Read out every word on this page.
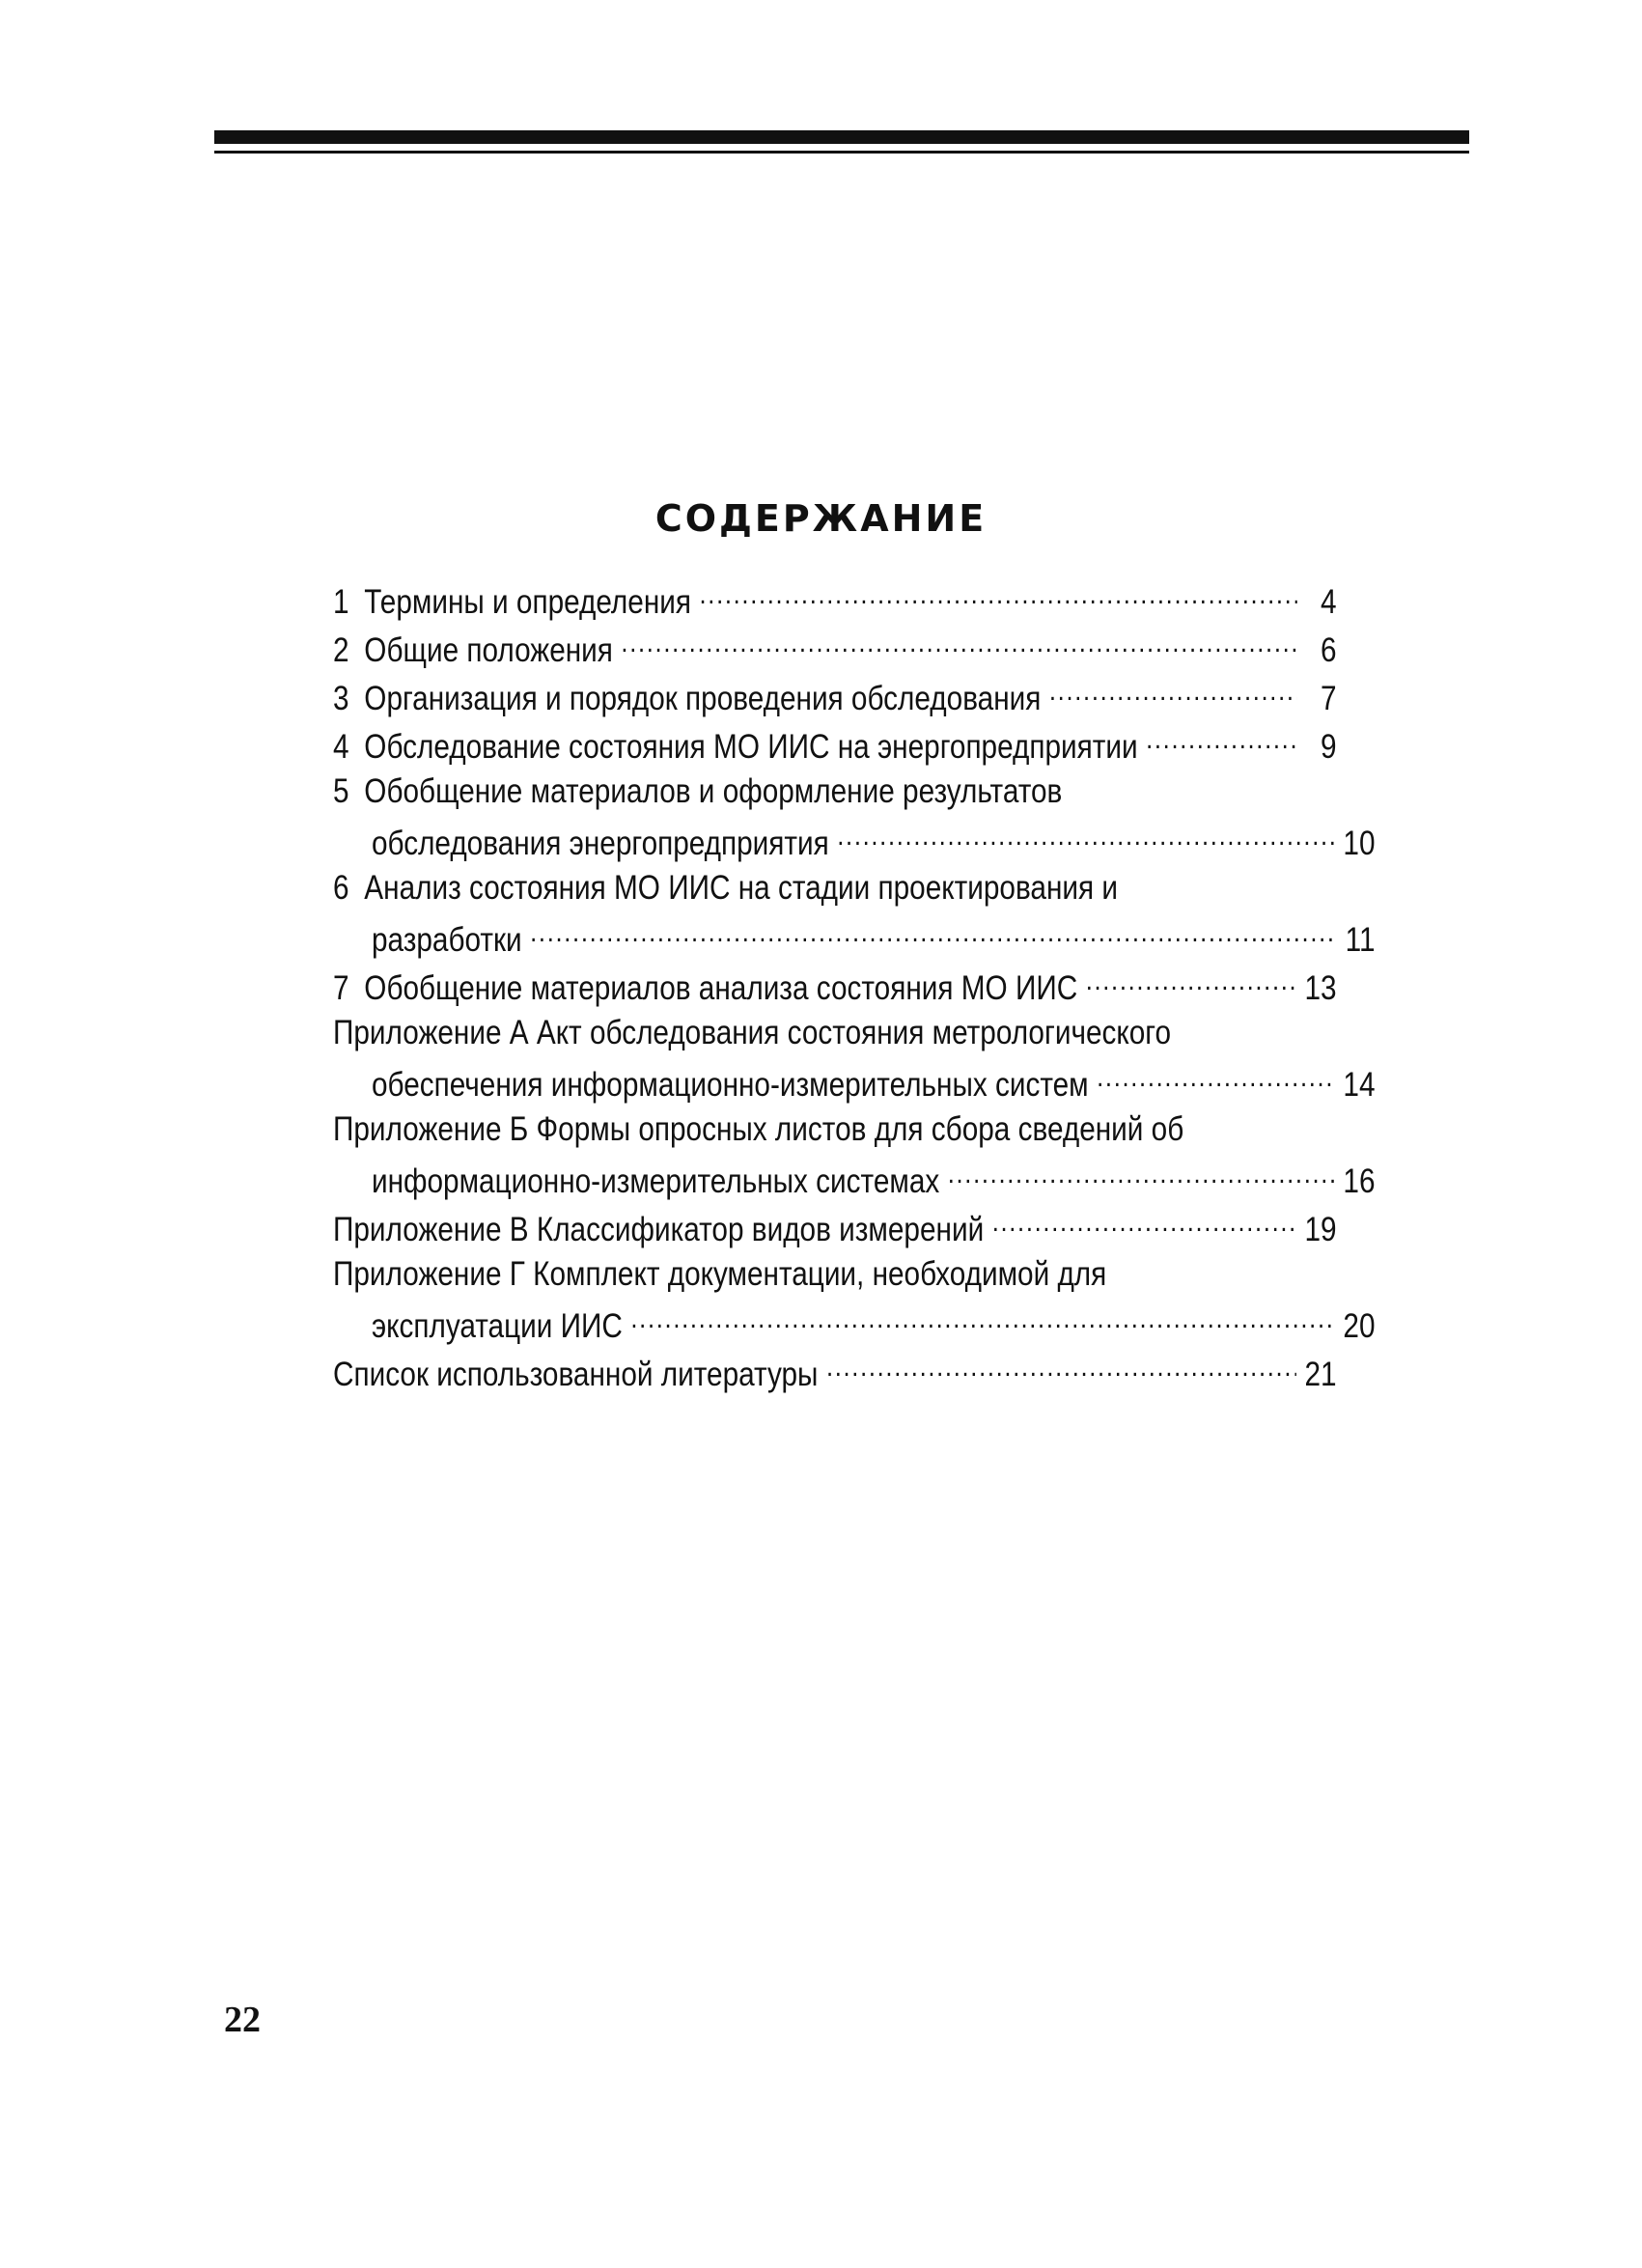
СОДЕРЖАНИЕ
1 Термины и определения .....	4
2 Общие положения .....	6
3 Организация и порядок проведения обследования .....	7
4 Обследование состояния МО ИИС на энергопредприятии .....	9
5 Обобщение материалов и оформление результатов
обследования энергопредприятия .....	10
6 Анализ состояния МО ИИС на стадии проектирования и
разработки .....	11
7 Обобщение материалов анализа состояния МО ИИС .....	13
Приложение А Акт обследования состояния метрологического
обеспечения информационно-измерительных систем .....	14
Приложение Б Формы опросных листов для сбора сведений об
информационно-измерительных системах .....	16
Приложение В Классификатор видов измерений .....	19
Приложение Г Комплект документации, необходимой для
эксплуатации ИИС .....	20
Список использованной литературы .....	21
22
